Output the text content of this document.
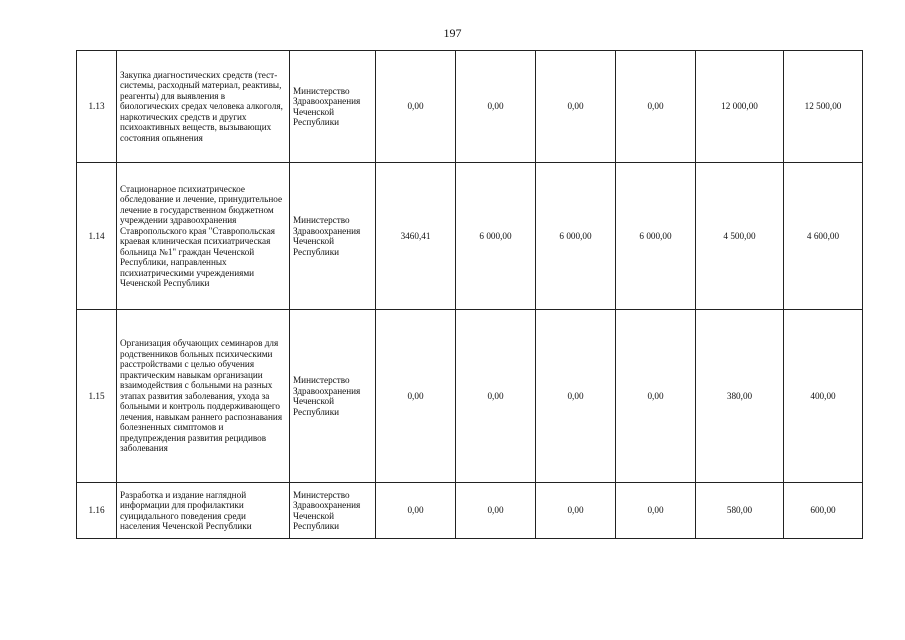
197
1.13	Закупка диагностических средств (тест-системы, расходный материал, реактивы, реагенты) для выявления в биологических средах человека алкоголя, наркотических средств и других психоактивных веществ, вызывающих состояния опьянения	Министерство Здравоохранения Чеченской Республики	0,00	0,00	0,00	0,00	12 000,00	12 500,00
1.14	Стационарное психиатрическое обследование и лечение, принудительное лечение в государственном бюджетном учреждении здравоохранения Ставропольского края "Ставропольская краевая клиническая психиатрическая больница №1" граждан Чеченской Республики, направленных психиатрическими учреждениями Чеченской Республики	Министерство Здравоохранения Чеченской Республики	3460,41	6 000,00	6 000,00	6 000,00	4 500,00	4 600,00
1.15	Организация обучающих семинаров для родственников больных психическими расстройствами с целью обучения практическим навыкам организации взаимодействия с больными на разных этапах развития заболевания, ухода за больными и контроль поддерживающего лечения, навыкам раннего распознавания болезненных симптомов и предупреждения развития рецидивов заболевания	Министерство Здравоохранения Чеченской Республики	0,00	0,00	0,00	0,00	380,00	400,00
1.16	Разработка и издание наглядной информации для профилактики суицидального поведения среди населения Чеченской Республики	Министерство Здравоохранения Чеченской Республики	0,00	0,00	0,00	0,00	580,00	600,00
